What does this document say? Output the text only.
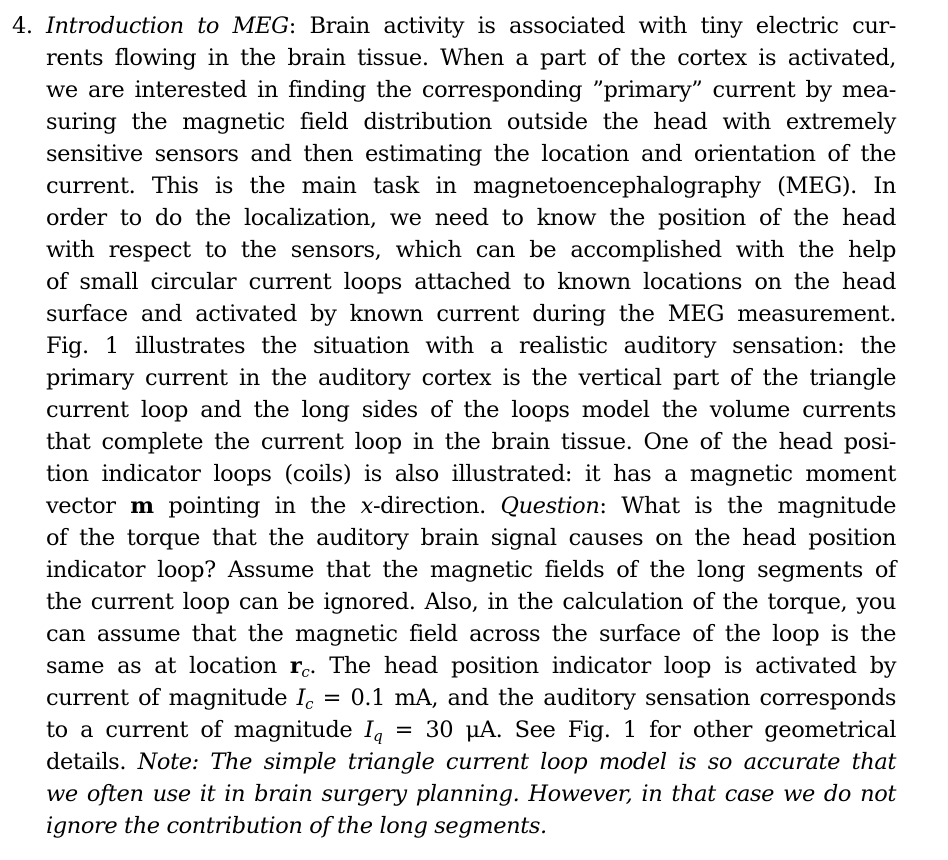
4. Introduction to MEG: Brain activity is associated with tiny electric cur-
rents flowing in the brain tissue. When a part of the cortex is activated,
we are interested in finding the corresponding ”primary” current by mea-
suring the magnetic field distribution outside the head with extremely
sensitive sensors and then estimating the location and orientation of the
current. This is the main task in magnetoencephalography (MEG). In
order to do the localization, we need to know the position of the head
with respect to the sensors, which can be accomplished with the help
of small circular current loops attached to known locations on the head
surface and activated by known current during the MEG measurement.
Fig. 1 illustrates the situation with a realistic auditory sensation: the
primary current in the auditory cortex is the vertical part of the triangle
current loop and the long sides of the loops model the volume currents
that complete the current loop in the brain tissue. One of the head posi-
tion indicator loops (coils) is also illustrated: it has a magnetic moment
vector m pointing in the x-direction. Question: What is the magnitude
of the torque that the auditory brain signal causes on the head position
indicator loop? Assume that the magnetic fields of the long segments of
the current loop can be ignored. Also, in the calculation of the torque, you
can assume that the magnetic field across the surface of the loop is the
same as at location $r_c$. The head position indicator loop is activated by
current of magnitude $I_c = 0.1$ mA, and the auditory sensation corresponds
to a current of magnitude $I_q = 30$ μA. See Fig. 1 for other geometrical
details. Note: The simple triangle current loop model is so accurate that
we often use it in brain surgery planning. However, in that case we do not
ignore the contribution of the long segments.
